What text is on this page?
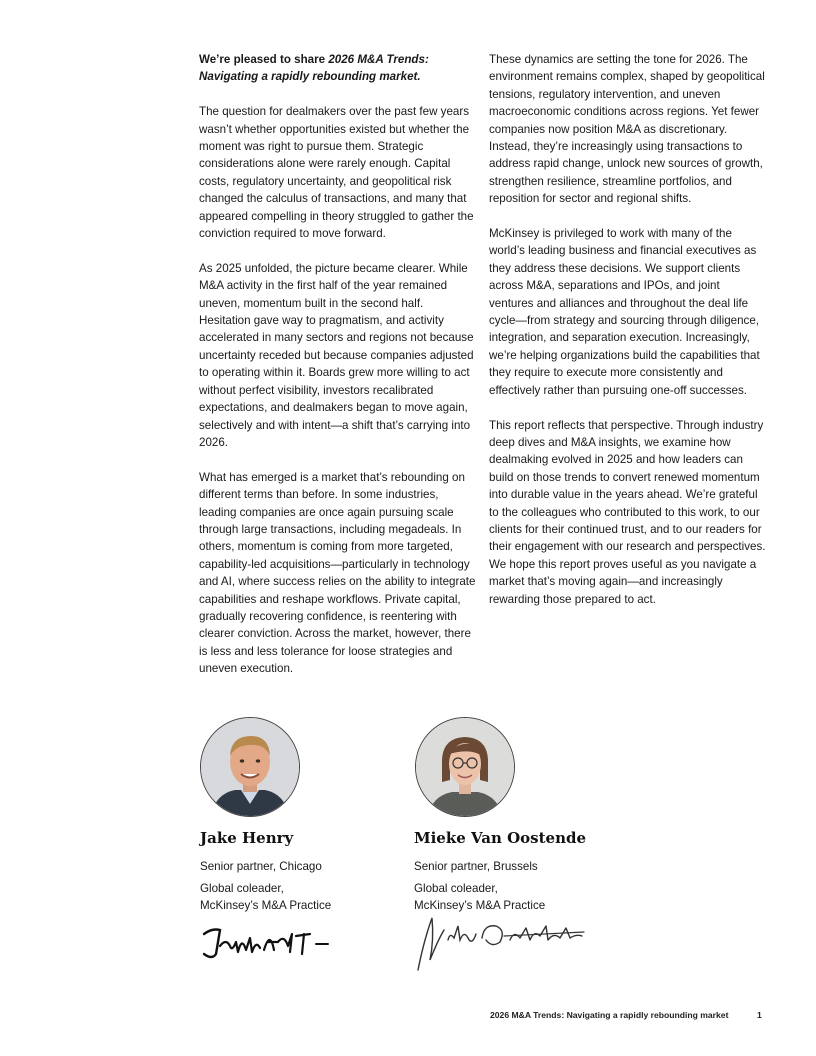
We’re pleased to share 2026 M&A Trends:
Navigating a rapidly rebounding market.

The question for dealmakers over the past few years wasn’t whether opportunities existed but whether the moment was right to pursue them. Strategic considerations alone were rarely enough. Capital costs, regulatory uncertainty, and geopolitical risk changed the calculus of transactions, and many that appeared compelling in theory struggled to gather the conviction required to move forward.

As 2025 unfolded, the picture became clearer. While M&A activity in the first half of the year remained uneven, momentum built in the second half. Hesitation gave way to pragmatism, and activity accelerated in many sectors and regions not because uncertainty receded but because companies adjusted to operating within it. Boards grew more willing to act without perfect visibility, investors recalibrated expectations, and dealmakers began to move again, selectively and with intent—a shift that’s carrying into 2026.

What has emerged is a market that’s rebounding on different terms than before. In some industries, leading companies are once again pursuing scale through large transactions, including megadeals. In others, momentum is coming from more targeted, capability-led acquisitions—particularly in technology and AI, where success relies on the ability to integrate capabilities and reshape workflows. Private capital, gradually recovering confidence, is reentering with clearer conviction. Across the market, however, there is less and less tolerance for loose strategies and uneven execution.

These dynamics are setting the tone for 2026. The environment remains complex, shaped by geopolitical tensions, regulatory intervention, and uneven macroeconomic conditions across regions. Yet fewer companies now position M&A as discretionary. Instead, they’re increasingly using transactions to address rapid change, unlock new sources of growth, strengthen resilience, streamline portfolios, and reposition for sector and regional shifts.

McKinsey is privileged to work with many of the world’s leading business and financial executives as they address these decisions. We support clients across M&A, separations and IPOs, and joint ventures and alliances and throughout the deal life cycle—from strategy and sourcing through diligence, integration, and separation execution. Increasingly, we’re helping organizations build the capabilities that they require to execute more consistently and effectively rather than pursuing one-off successes.

This report reflects that perspective. Through industry deep dives and M&A insights, we examine how dealmaking evolved in 2025 and how leaders can build on those trends to convert renewed momentum into durable value in the years ahead. We’re grateful to the colleagues who contributed to this work, to our clients for their continued trust, and to our readers for their engagement with our research and perspectives. We hope this report proves useful as you navigate a market that’s moving again—and increasingly rewarding those prepared to act.

Jake Henry
Senior partner, Chicago
Global coleader,
McKinsey’s M&A Practice
Mieke Van Oostende
Senior partner, Brussels
Global coleader,
McKinsey’s M&A Practice
2026 M&A Trends: Navigating a rapidly rebounding market	1
